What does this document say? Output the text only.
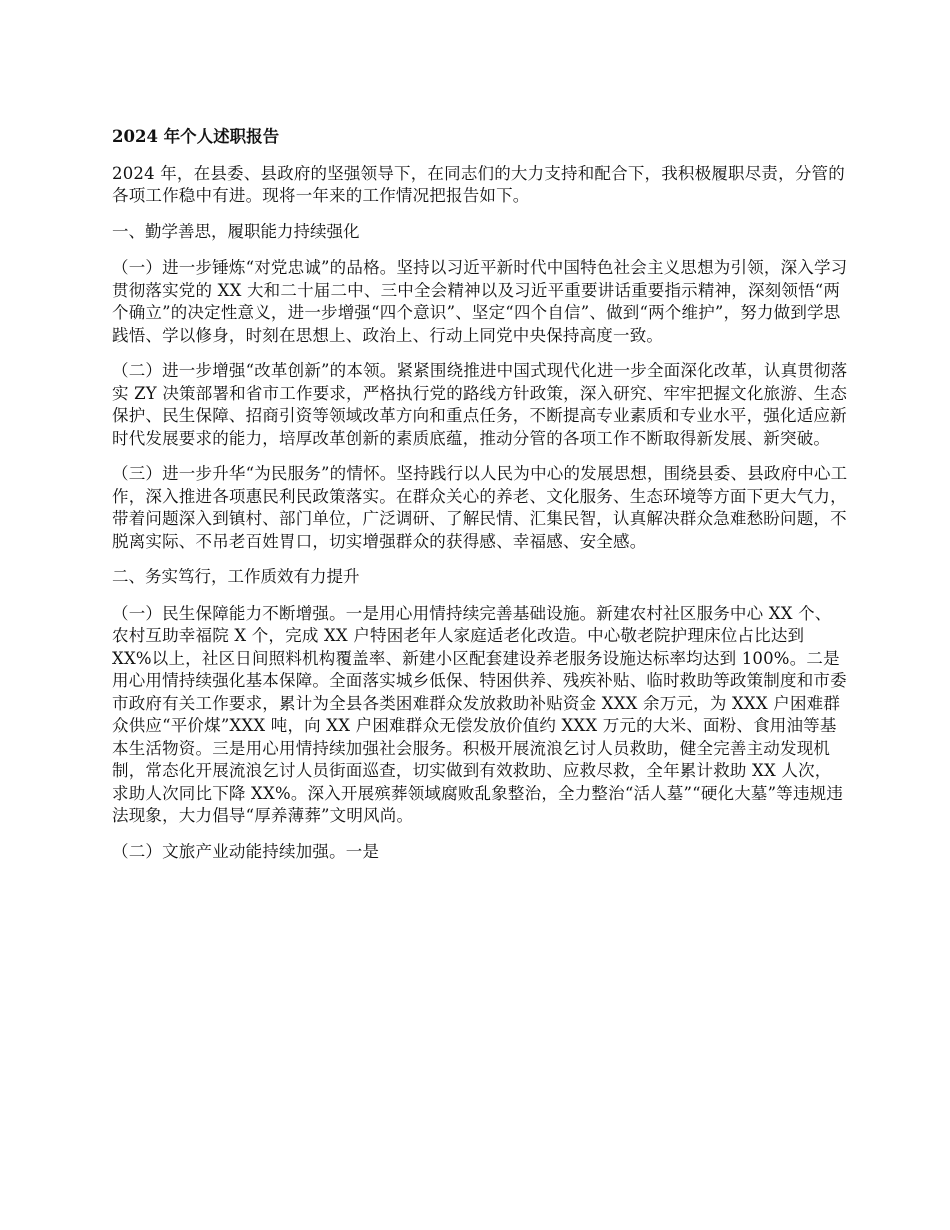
2024 年个人述职报告

2024 年，在县委、县政府的坚强领导下，在同志们的大力支持和配合下，我积极履职尽责，分管的各项工作稳中有进。现将一年来的工作情况把报告如下。

一、勤学善思，履职能力持续强化

（一）进一步锤炼“对党忠诚”的品格。坚持以习近平新时代中国特色社会主义思想为引领，深入学习贯彻落实党的 XX 大和二十届二中、三中全会精神以及习近平重要讲话重要指示精神，深刻领悟“两个确立”的决定性意义，进一步增强“四个意识”、坚定“四个自信”、做到“两个维护”，努力做到学思践悟、学以修身，时刻在思想上、政治上、行动上同党中央保持高度一致。

（二）进一步增强“改革创新”的本领。紧紧围绕推进中国式现代化进一步全面深化改革，认真贯彻落实 ZY 决策部署和省市工作要求，严格执行党的路线方针政策，深入研究、牢牢把握文化旅游、生态保护、民生保障、招商引资等领域改革方向和重点任务，不断提高专业素质和专业水平，强化适应新时代发展要求的能力，培厚改革创新的素质底蕴，推动分管的各项工作不断取得新发展、新突破。

（三）进一步升华“为民服务”的情怀。坚持践行以人民为中心的发展思想，围绕县委、县政府中心工作，深入推进各项惠民利民政策落实。在群众关心的养老、文化服务、生态环境等方面下更大气力，带着问题深入到镇村、部门单位，广泛调研、了解民情、汇集民智，认真解决群众急难愁盼问题，不脱离实际、不吊老百姓胃口，切实增强群众的获得感、幸福感、安全感。

二、务实笃行，工作质效有力提升

（一）民生保障能力不断增强。一是用心用情持续完善基础设施。新建农村社区服务中心 XX 个、农村互助幸福院 X 个，完成 XX 户特困老年人家庭适老化改造。中心敬老院护理床位占比达到 XX%以上，社区日间照料机构覆盖率、新建小区配套建设养老服务设施达标率均达到 100%。二是用心用情持续强化基本保障。全面落实城乡低保、特困供养、残疾补贴、临时救助等政策制度和市委市政府有关工作要求，累计为全县各类困难群众发放救助补贴资金 XXX 余万元，为 XXX 户困难群众供应“平价煤”XXX 吨，向 XX 户困难群众无偿发放价值约 XXX 万元的大米、面粉、食用油等基本生活物资。三是用心用情持续加强社会服务。积极开展流浪乞讨人员救助，健全完善主动发现机制，常态化开展流浪乞讨人员街面巡查，切实做到有效救助、应救尽救，全年累计救助 XX 人次，求助人次同比下降 XX%。深入开展殡葬领域腐败乱象整治，全力整治“活人墓”“硬化大墓”等违规违法现象，大力倡导“厚养薄葬”文明风尚。

（二）文旅产业动能持续加强。一是
